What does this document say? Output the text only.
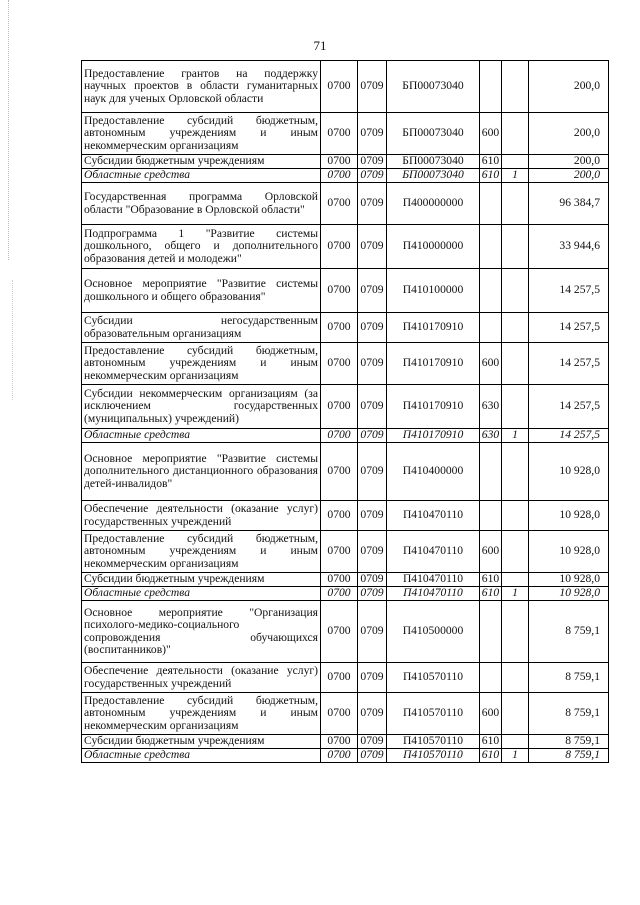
71
Предоставление грантов на поддержку научных проектов в области гуманитарных наук для ученых Орловской области	0700	0709	БП00073040			200,0
Предоставление субсидий бюджетным, автономным учреждениям и иным некоммерческим организациям	0700	0709	БП00073040	600		200,0
Субсидии бюджетным учреждениям	0700	0709	БП00073040	610		200,0
Областные средства	0700	0709	БП00073040	610	1	200,0
Государственная программа Орловской области "Образование в Орловской области"	0700	0709	П400000000			96 384,7
Подпрограмма 1 "Развитие системы дошкольного, общего и дополнительного образования детей и молодежи"	0700	0709	П410000000			33 944,6
Основное мероприятие "Развитие системы дошкольного и общего образования"	0700	0709	П410100000			14 257,5
Субсидии негосударственным образовательным организациям	0700	0709	П410170910			14 257,5
Предоставление субсидий бюджетным, автономным учреждениям и иным некоммерческим организациям	0700	0709	П410170910	600		14 257,5
Субсидии некоммерческим организациям (за исключением государственных (муниципальных) учреждений)	0700	0709	П410170910	630		14 257,5
Областные средства	0700	0709	П410170910	630	1	14 257,5
Основное мероприятие "Развитие системы дополнительного дистанционного образования детей-инвалидов"	0700	0709	П410400000			10 928,0
Обеспечение деятельности (оказание услуг) государственных учреждений	0700	0709	П410470110			10 928,0
Предоставление субсидий бюджетным, автономным учреждениям и иным некоммерческим организациям	0700	0709	П410470110	600		10 928,0
Субсидии бюджетным учреждениям	0700	0709	П410470110	610		10 928,0
Областные средства	0700	0709	П410470110	610	1	10 928,0
Основное мероприятие "Организация психолого-медико-социального сопровождения обучающихся (воспитанников)"	0700	0709	П410500000			8 759,1
Обеспечение деятельности (оказание услуг) государственных учреждений	0700	0709	П410570110			8 759,1
Предоставление субсидий бюджетным, автономным учреждениям и иным некоммерческим организациям	0700	0709	П410570110	600		8 759,1
Субсидии бюджетным учреждениям	0700	0709	П410570110	610		8 759,1
Областные средства	0700	0709	П410570110	610	1	8 759,1
